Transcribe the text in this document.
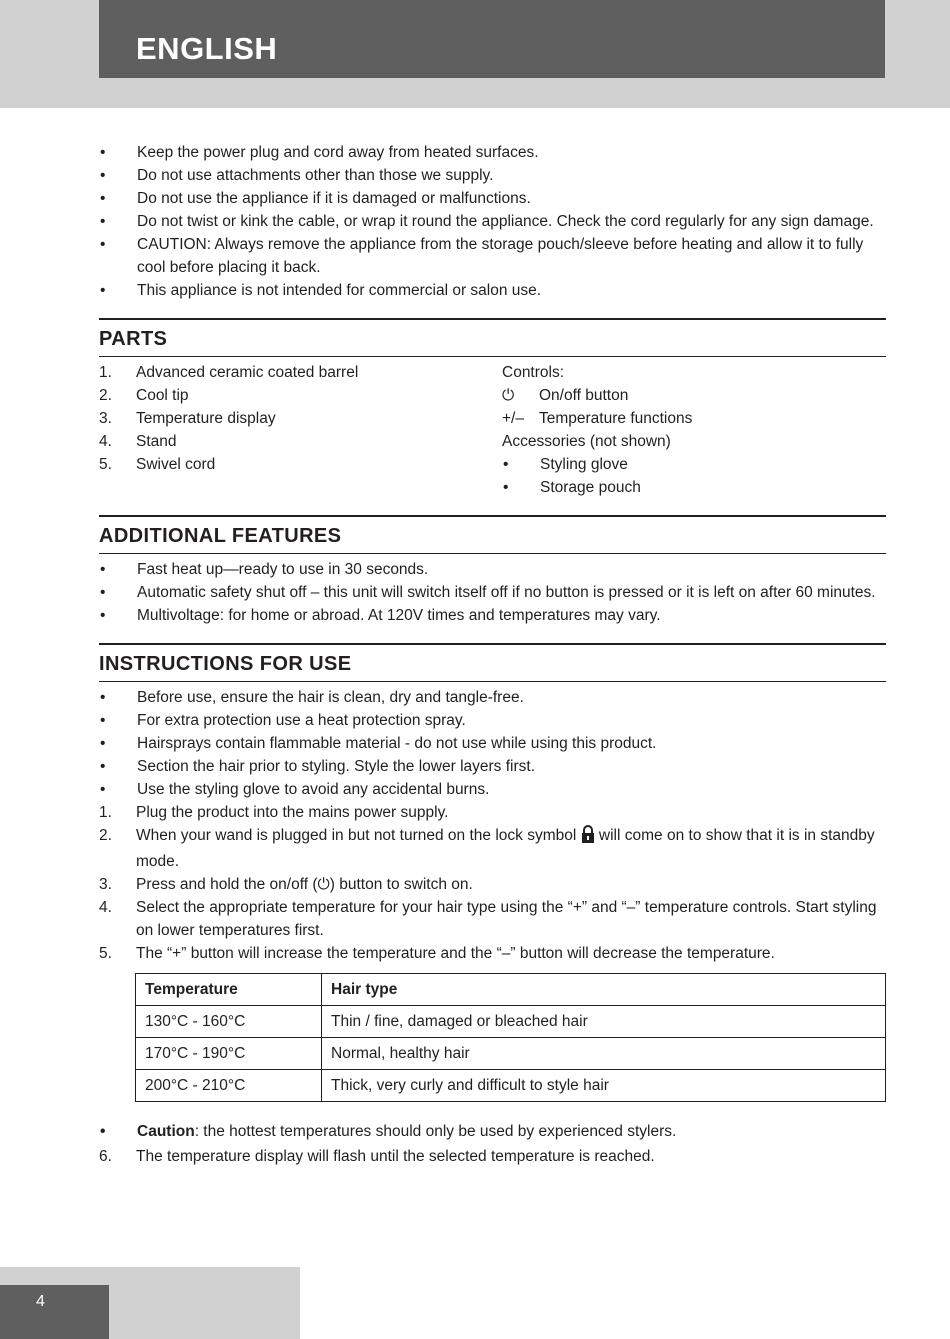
ENGLISH
•	Keep the power plug and cord away from heated surfaces.
•	Do not use attachments other than those we supply.
•	Do not use the appliance if it is damaged or malfunctions.
•	Do not twist or kink the cable, or wrap it round the appliance. Check the cord regularly for any sign damage.
•	CAUTION: Always remove the appliance from the storage pouch/sleeve before heating and allow it to fully cool before placing it back.
•	This appliance is not intended for commercial or salon use.
PARTS
1.	Advanced ceramic coated barrel
2.	Cool tip
3.	Temperature display
4.	Stand
5.	Swivel cord
Controls:
⏻	On/off button
+/– Temperature functions
Accessories (not shown)
•	Styling glove
•	Storage pouch
ADDITIONAL FEATURES
•	Fast heat up—ready to use in 30 seconds.
•	Automatic safety shut off – this unit will switch itself off if no button is pressed or it is left on after 60 minutes.
•	Multivoltage: for home or abroad. At 120V times and temperatures may vary.
INSTRUCTIONS FOR USE
•	Before use, ensure the hair is clean, dry and tangle-free.
•	For extra protection use a heat protection spray.
•	Hairsprays contain flammable material - do not use while using this product.
•	Section the hair prior to styling. Style the lower layers first.
•	Use the styling glove to avoid any accidental burns.
1.	Plug the product into the mains power supply.
2.	When your wand is plugged in but not turned on the lock symbol will come on to show that it is in standby mode.
3.	Press and hold the on/off (⏻) button to switch on.
4.	Select the appropriate temperature for your hair type using the “+” and “–” temperature controls. Start styling on lower temperatures first.
5.	The “+” button will increase the temperature and the “–” button will decrease the temperature.
Temperature	Hair type
130°C - 160°C	Thin / fine, damaged or bleached hair
170°C - 190°C	Normal, healthy hair
200°C - 210°C	Thick, very curly and difficult to style hair
•	Caution: the hottest temperatures should only be used by experienced stylers.
6.	The temperature display will flash until the selected temperature is reached.
4
